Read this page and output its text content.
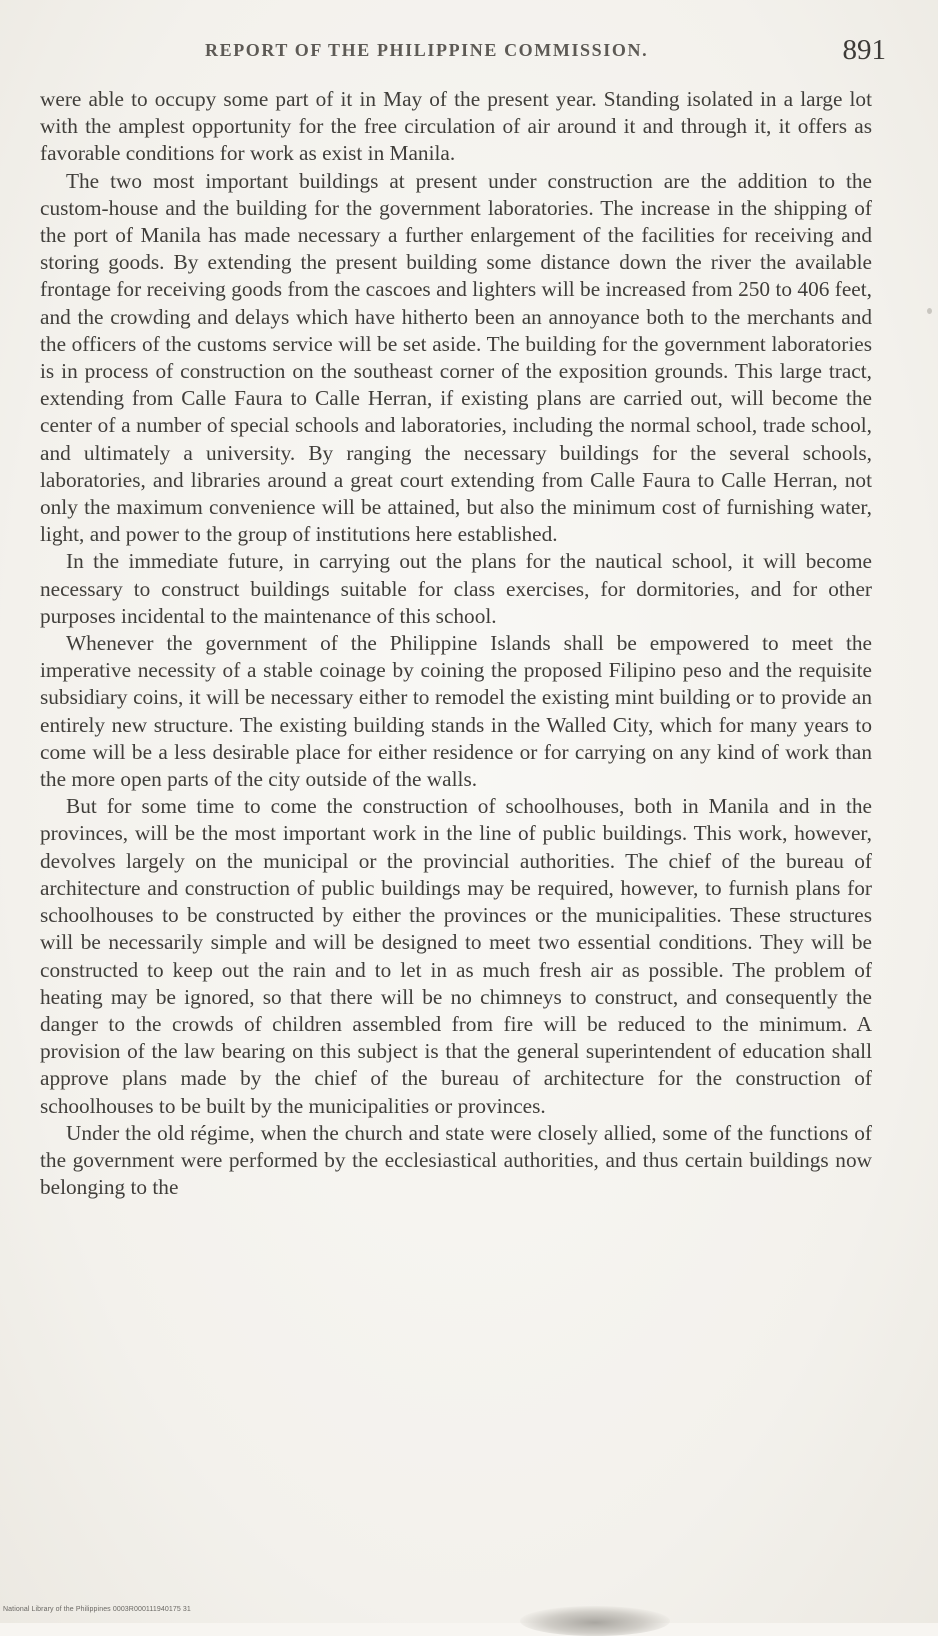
REPORT OF THE PHILIPPINE COMMISSION.	891

were able to occupy some part of it in May of the present year. Standing isolated in a large lot with the amplest opportunity for the free circulation of air around it and through it, it offers as favorable conditions for work as exist in Manila.

The two most important buildings at present under construction are the addition to the custom-house and the building for the government laboratories. The increase in the shipping of the port of Manila has made necessary a further enlargement of the facilities for receiving and storing goods. By extending the present building some distance down the river the available frontage for receiving goods from the cascoes and lighters will be increased from 250 to 406 feet, and the crowding and delays which have hitherto been an annoyance both to the merchants and the officers of the customs service will be set aside. The building for the government laboratories is in process of construction on the southeast corner of the exposition grounds. This large tract, extending from Calle Faura to Calle Herran, if existing plans are carried out, will become the center of a number of special schools and laboratories, including the normal school, trade school, and ultimately a university. By ranging the necessary buildings for the several schools, laboratories, and libraries around a great court extending from Calle Faura to Calle Herran, not only the maximum convenience will be attained, but also the minimum cost of furnishing water, light, and power to the group of institutions here established.

In the immediate future, in carrying out the plans for the nautical school, it will become necessary to construct buildings suitable for class exercises, for dormitories, and for other purposes incidental to the maintenance of this school.

Whenever the government of the Philippine Islands shall be empowered to meet the imperative necessity of a stable coinage by coining the proposed Filipino peso and the requisite subsidiary coins, it will be necessary either to remodel the existing mint building or to provide an entirely new structure. The existing building stands in the Walled City, which for many years to come will be a less desirable place for either residence or for carrying on any kind of work than the more open parts of the city outside of the walls.

But for some time to come the construction of schoolhouses, both in Manila and in the provinces, will be the most important work in the line of public buildings. This work, however, devolves largely on the municipal or the provincial authorities. The chief of the bureau of architecture and construction of public buildings may be required, however, to furnish plans for schoolhouses to be constructed by either the provinces or the municipalities. These structures will be necessarily simple and will be designed to meet two essential conditions. They will be constructed to keep out the rain and to let in as much fresh air as possible. The problem of heating may be ignored, so that there will be no chimneys to construct, and consequently the danger to the crowds of children assembled from fire will be reduced to the minimum. A provision of the law bearing on this subject is that the general superintendent of education shall approve plans made by the chief of the bureau of architecture for the construction of schoolhouses to be built by the municipalities or provinces.

Under the old régime, when the church and state were closely allied, some of the functions of the government were performed by the ecclesiastical authorities, and thus certain buildings now belonging to the

National Library of the Philippines 0003R000111940175 31
